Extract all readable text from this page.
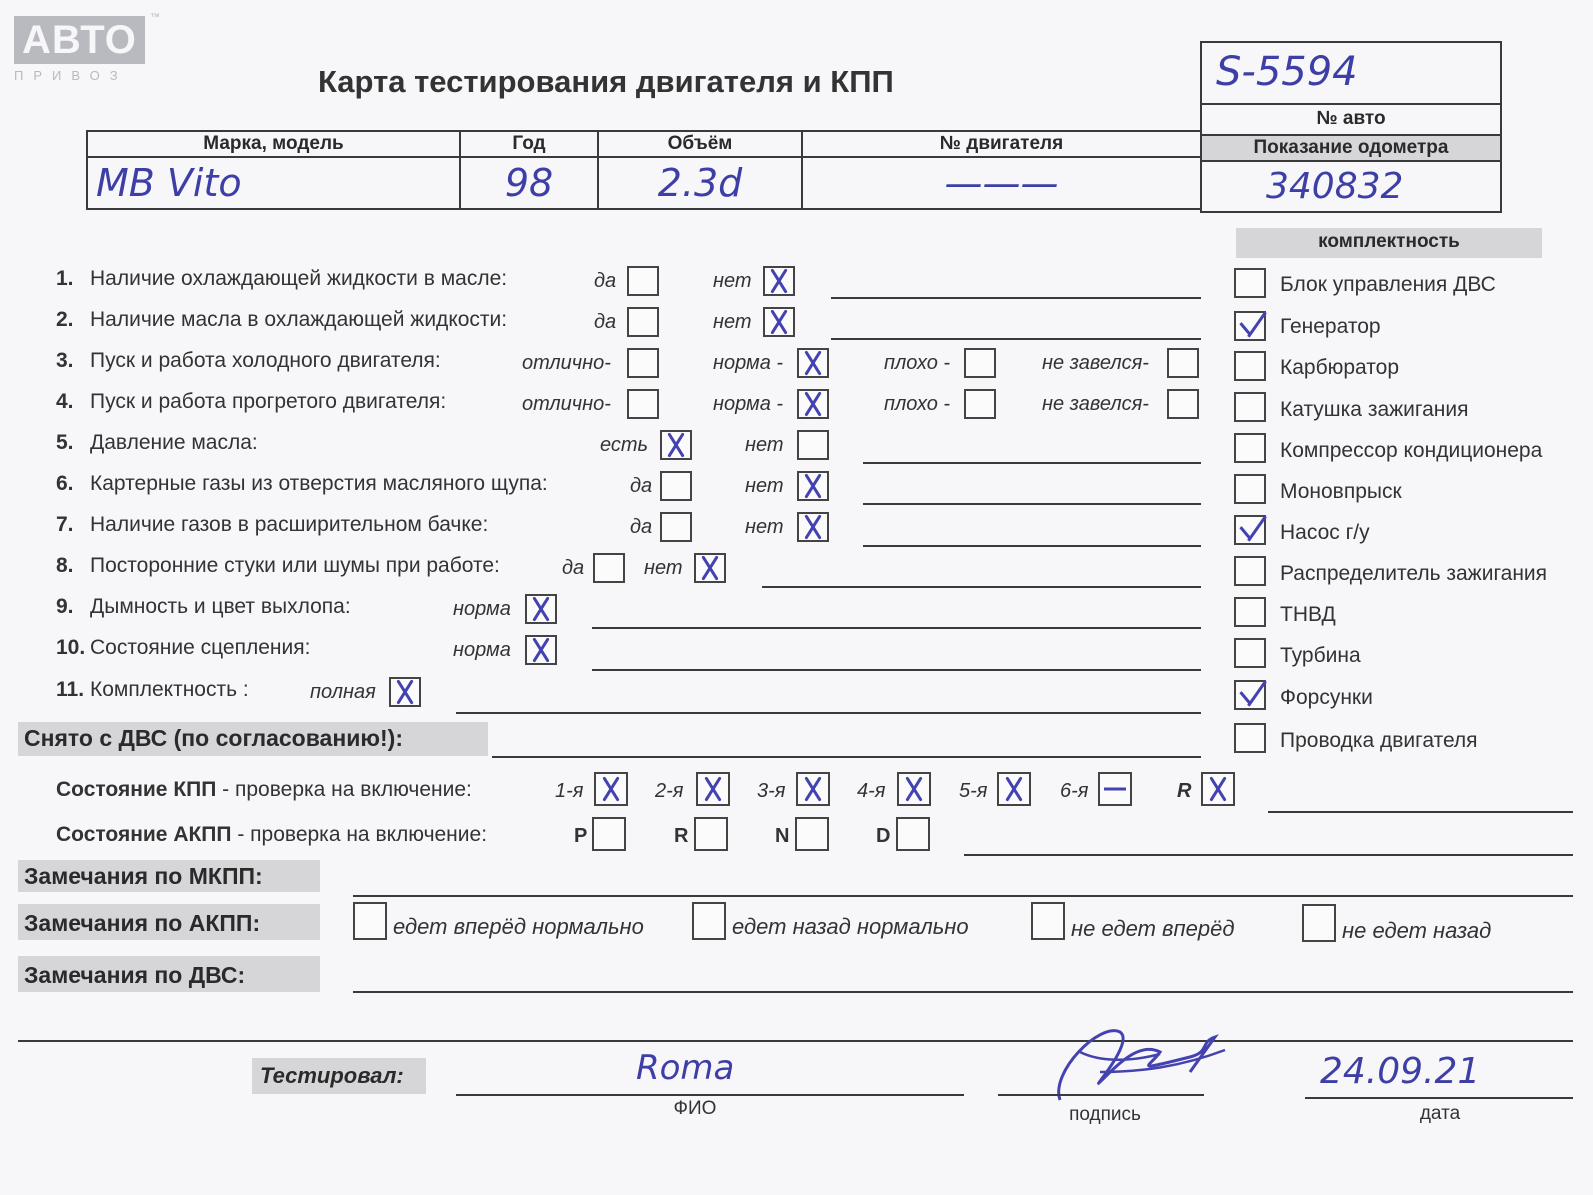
АВТО
ПРИВОЗ
™
Карта тестирования двигателя и КПП	S-5594
№ авто
Показание одометра
340832
Марка, модель	Год	Объём	№ двигателя
MB Vito	98	2.3d	———
комплектность
Блок управления ДВС
Генератор
Карбюратор
Катушка зажигания
Компрессор кондиционера
Моновпрыск
Насос г/у
Распределитель зажигания
ТНВД
Турбина
Форсунки
Проводка двигателя
1. Наличие охлаждающей жидкости в масле:	да	нет
2. Наличие масла в охлаждающей жидкости:	да	нет
3. Пуск и работа холодного двигателя:	отлично-	норма -	плохо -	не завелся-
4. Пуск и работа прогретого двигателя:	отлично-	норма -	плохо -	не завелся-
5. Давление масла:	есть	нет
6. Картерные газы из отверстия масляного щупа:	да	нет
7. Наличие газов в расширительном бачке:	да	нет
8. Посторонние стуки или шумы при работе:	да	нет
9. Дымность и цвет выхлопа:	норма
10. Состояние сцепления:	норма
11. Комплектность :	полная
Снято с ДВС (по согласованию!):
Состояние КПП - проверка на включение:	1-я	2-я	3-я	4-я	5-я	6-я	R
Состояние АКПП - проверка на включение:	P	R	N	D
Замечания по МКПП:
Замечания по АКПП:	едет вперёд нормально	едет назад нормально	не едет вперёд	не едет назад
Замечания по ДВС:
Тестировал:	Roma
ФИО	подпись
24.09.21
дата
